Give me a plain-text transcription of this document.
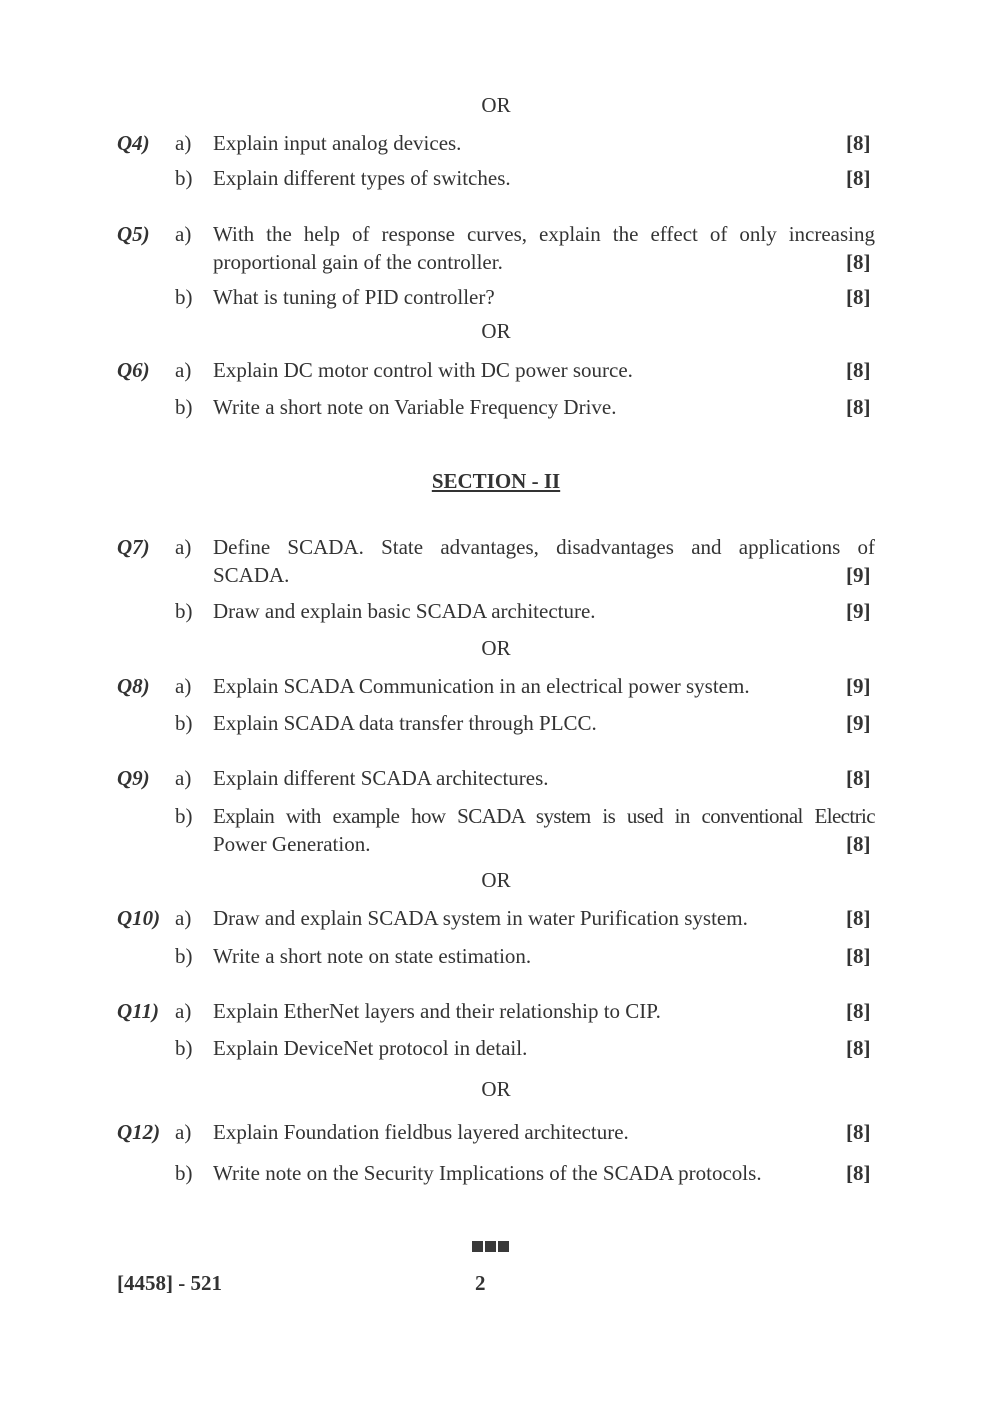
OR
Q4) a) Explain input analog devices.	[8]
b) Explain different types of switches.	[8]
Q5) a) With the help of response curves, explain the effect of only increasing
proportional gain of the controller.	[8]
b) What is tuning of PID controller?	[8]
OR
Q6) a) Explain DC motor control with DC power source.	[8]
b) Write a short note on Variable Frequency Drive.	[8]
SECTION - II
Q7) a) Define SCADA. State advantages, disadvantages and applications of
SCADA.	[9]
b) Draw and explain basic SCADA architecture.	[9]
OR
Q8) a) Explain SCADA Communication in an electrical power system.	[9]
b) Explain SCADA data transfer through PLCC.	[9]
Q9) a) Explain different SCADA architectures.	[8]
b) Explain with example how SCADA system is used in conventional Electric
Power Generation.	[8]
OR
Q10) a) Draw and explain SCADA system in water Purification system.	[8]
b) Write a short note on state estimation.	[8]
Q11) a) Explain EtherNet layers and their relationship to CIP.	[8]
b) Explain DeviceNet protocol in detail.	[8]
OR
Q12) a) Explain Foundation fieldbus layered architecture.	[8]
b) Write note on the Security Implications of the SCADA protocols.	[8]
[4458] - 521	2
